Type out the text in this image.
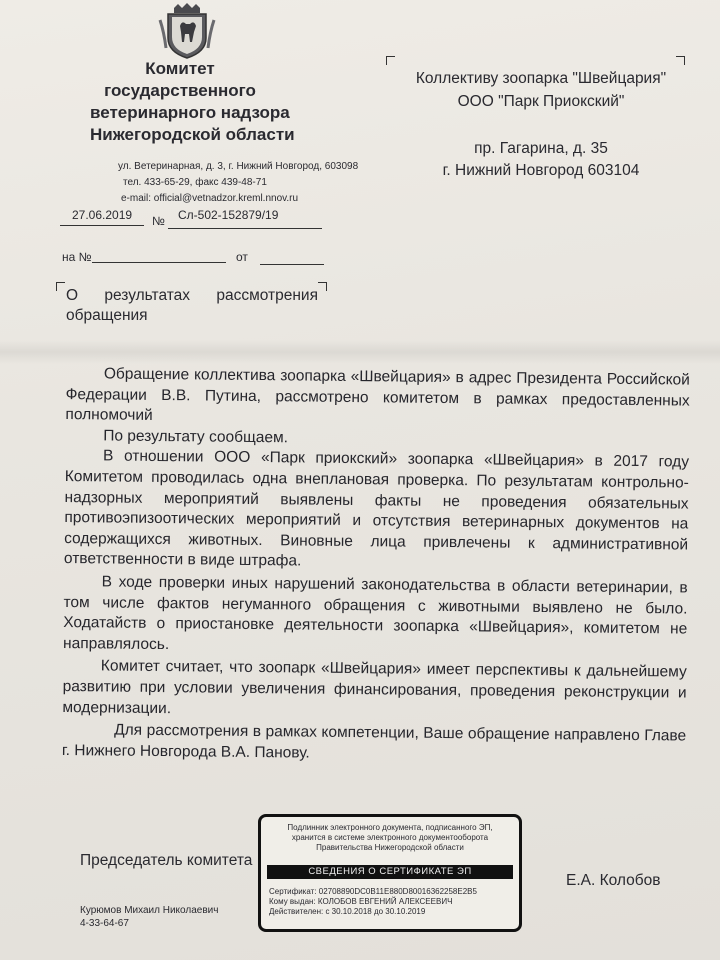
Комитет
государственного
ветеринарного надзора
Нижегородской области
ул. Ветеринарная, д. 3, г. Нижний Новгород, 603098
тел. 433-65-29, факс 439-48-71
e-mail: official@vetnadzor.kreml.nnov.ru
27.06.2019 № Сл-502-152879/19
на №	от
Коллективу зоопарка "Швейцария"
ООО "Парк Приокский"
пр. Гагарина, д. 35
г. Нижний Новгород 603104
О результатах рассмотрения
обращения

Обращение коллектива зоопарка «Швейцария» в адрес Президента Российской Федерации В.В. Путина, рассмотрено комитетом в рамках предоставленных полномочий

По результату сообщаем.

В отношении ООО «Парк приокский» зоопарка «Швейцария» в 2017 году Комитетом проводилась одна внеплановая проверка. По результатам контрольно-надзорных мероприятий выявлены факты не проведения обязательных противоэпизоотических мероприятий и отсутствия ветеринарных документов на содержащихся животных. Виновные лица привлечены к административной ответственности в виде штрафа.

В ходе проверки иных нарушений законодательства в области ветеринарии, в том числе фактов негуманного обращения с животными выявлено не было. Ходатайств о приостановке деятельности зоопарка «Швейцария», комитетом не направлялось.

Комитет считает, что зоопарк «Швейцария» имеет перспективы к дальнейшему развитию при условии увеличения финансирования, проведения реконструкции и модернизации.

Для рассмотрения в рамках компетенции, Ваше обращение направлено Главе г. Нижнего Новгорода В.А. Панову.

Подлинник электронного документа, подписанного ЭП,
хранится в системе электронного документооборота
Правительства Нижегородской области
СВЕДЕНИЯ О СЕРТИФИКАТЕ ЭП
Сертификат: 02708890DC0B11E880D80016362258E2B5
Кому выдан: КОЛОБОВ ЕВГЕНИЙ АЛЕКСЕЕВИЧ
Действителен: с 30.10.2018 до 30.10.2019
Председатель комитета
Е.А. Колобов
Курюмов Михаил Николаевич
4-33-64-67
